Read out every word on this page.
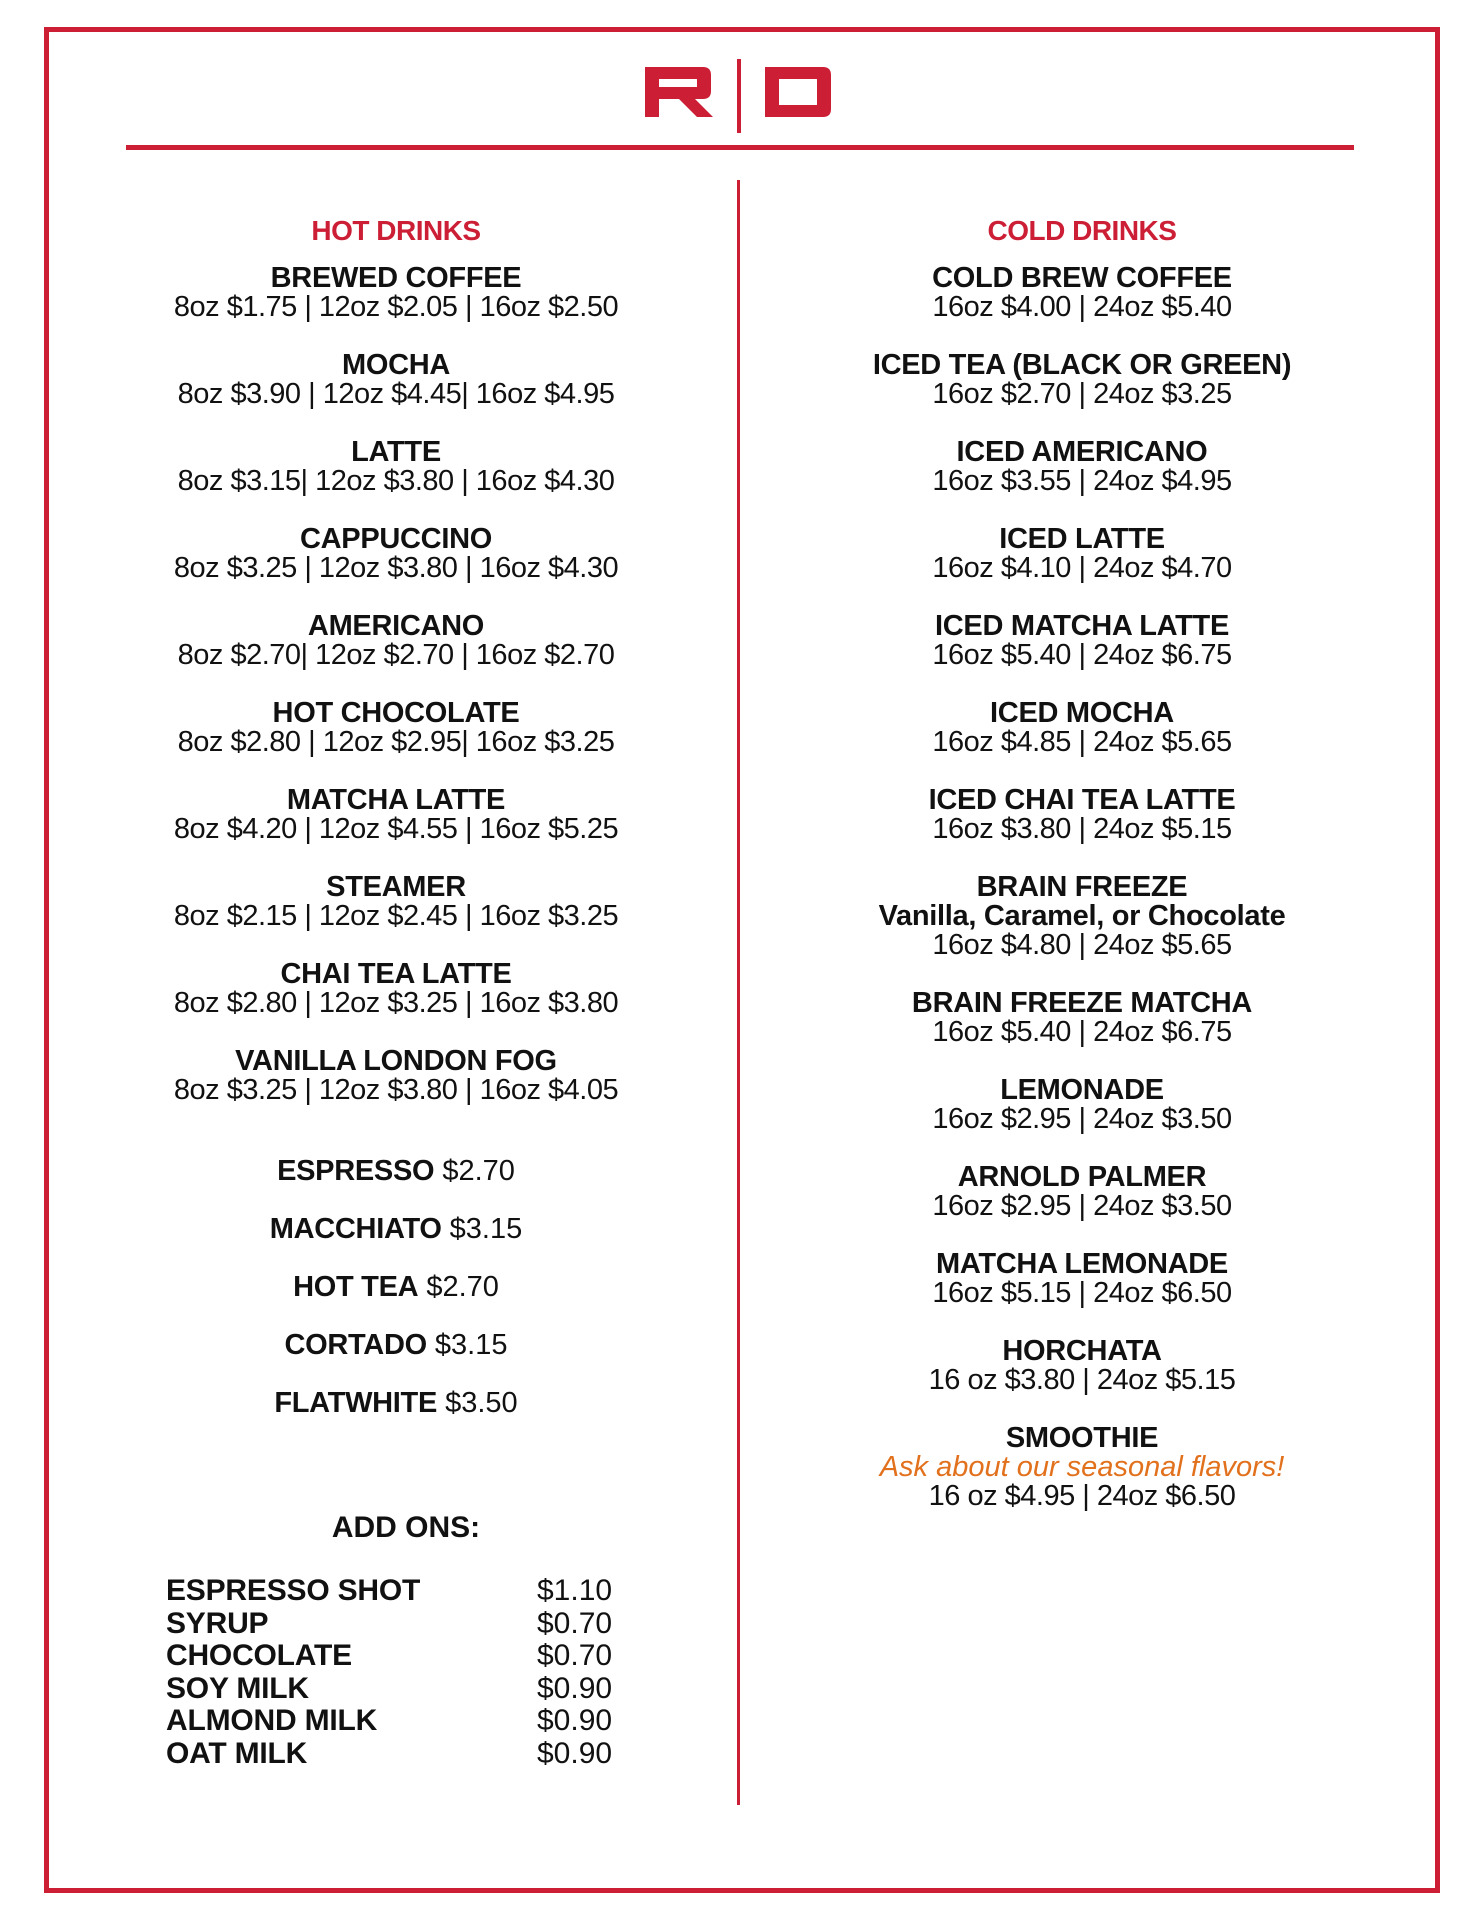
HOT DRINKS
BREWED COFFEE
8oz $1.75 | 12oz $2.05 | 16oz $2.50
MOCHA
8oz $3.90 | 12oz $4.45| 16oz $4.95
LATTE
8oz $3.15| 12oz $3.80 | 16oz $4.30
CAPPUCCINO
8oz $3.25 | 12oz $3.80 | 16oz $4.30
AMERICANO
8oz $2.70| 12oz $2.70 | 16oz $2.70
HOT CHOCOLATE
8oz $2.80 | 12oz $2.95| 16oz $3.25
MATCHA LATTE
8oz $4.20 | 12oz $4.55 | 16oz $5.25
STEAMER
8oz $2.15 | 12oz $2.45 | 16oz $3.25
CHAI TEA LATTE
8oz $2.80 | 12oz $3.25 | 16oz $3.80
VANILLA LONDON FOG
8oz $3.25 | 12oz $3.80 | 16oz $4.05
ESPRESSO $2.70
MACCHIATO $3.15
HOT TEA $2.70
CORTADO $3.15
FLATWHITE $3.50
ADD ONS:
ESPRESSO SHOT	$1.10
SYRUP	$0.70
CHOCOLATE	$0.70
SOY MILK	$0.90
ALMOND MILK	$0.90
OAT MILK	$0.90
COLD DRINKS
COLD BREW COFFEE
16oz $4.00 | 24oz $5.40
ICED TEA (BLACK OR GREEN)
16oz $2.70 | 24oz $3.25
ICED AMERICANO
16oz $3.55 | 24oz $4.95
ICED LATTE
16oz $4.10 | 24oz $4.70
ICED MATCHA LATTE
16oz $5.40 | 24oz $6.75
ICED MOCHA
16oz $4.85 | 24oz $5.65
ICED CHAI TEA LATTE
16oz $3.80 | 24oz $5.15
BRAIN FREEZE
Vanilla, Caramel, or Chocolate
16oz $4.80 | 24oz $5.65
BRAIN FREEZE MATCHA
16oz $5.40 | 24oz $6.75
LEMONADE
16oz $2.95 | 24oz $3.50
ARNOLD PALMER
16oz $2.95 | 24oz $3.50
MATCHA LEMONADE
16oz $5.15 | 24oz $6.50
HORCHATA
16 oz $3.80 | 24oz $5.15
SMOOTHIE
Ask about our seasonal flavors!
16 oz $4.95 | 24oz $6.50
